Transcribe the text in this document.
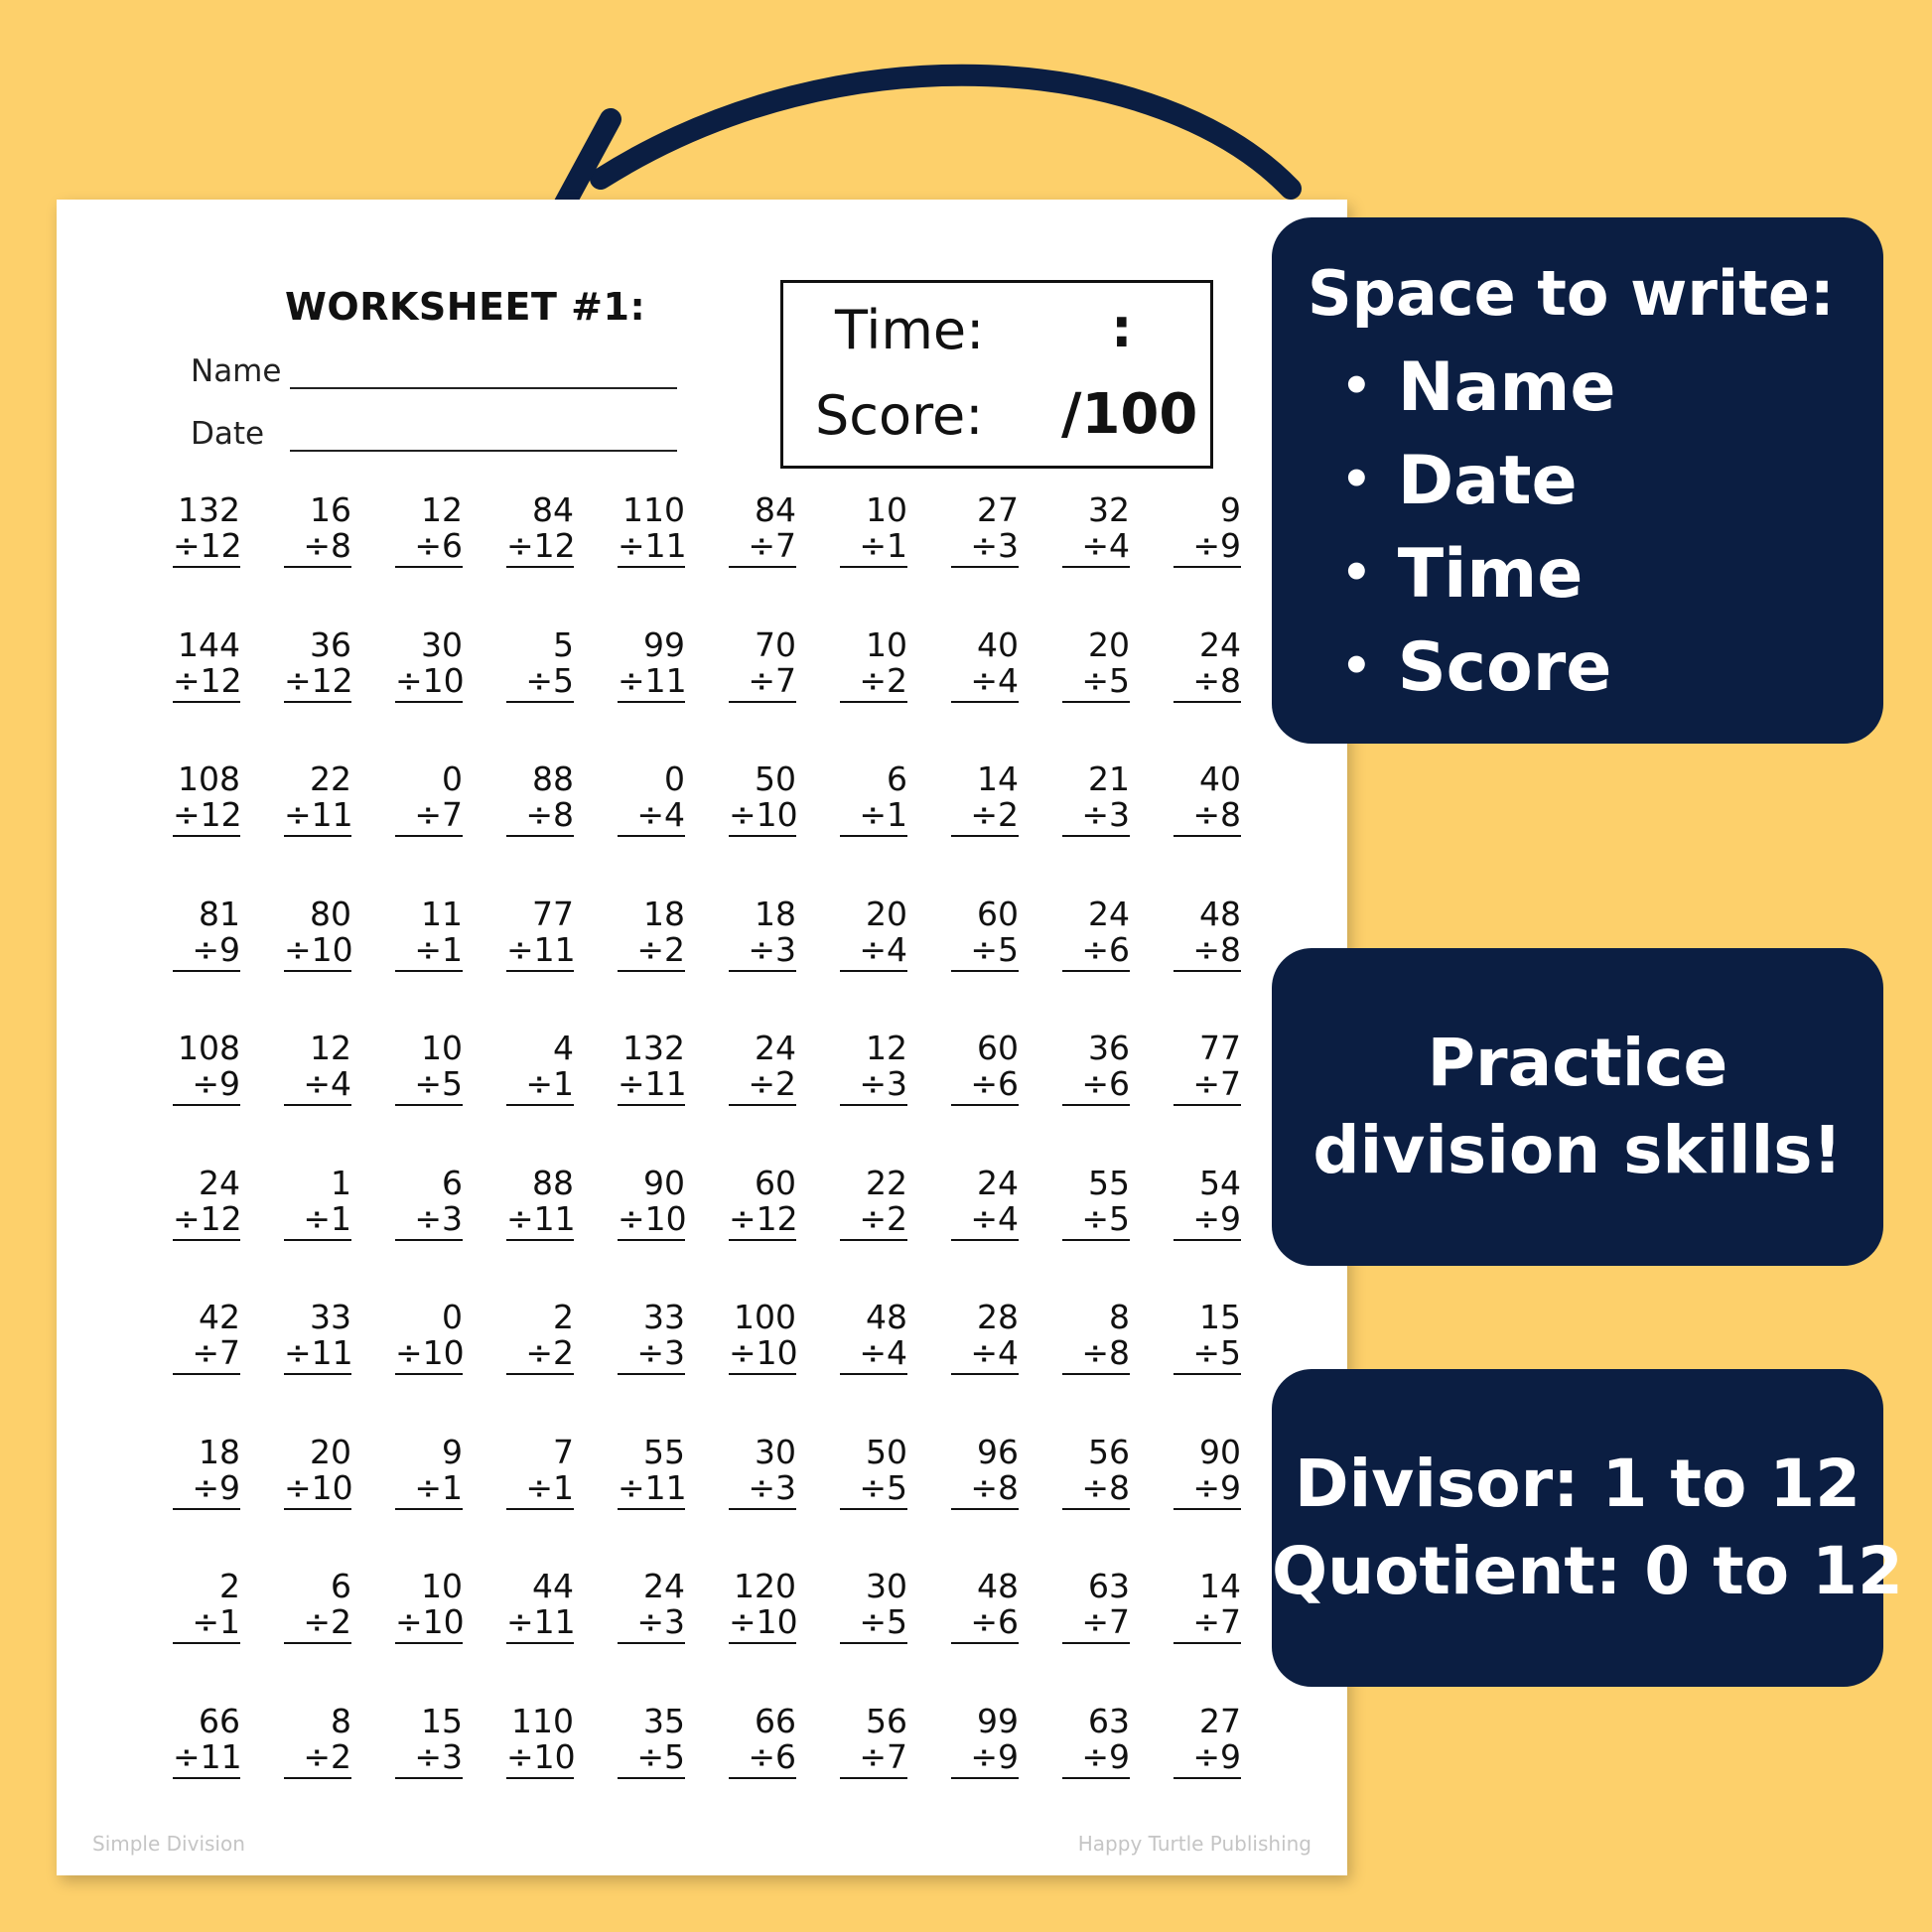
WORKSHEET #1:
Name
Date
Time: :
Score: /100
132
÷12
16
÷8
12
÷6
84
÷12
110
÷11
84
÷7
10
÷1
27
÷3
32
÷4
9
÷9
144
÷12
36
÷12
30
÷10
5
÷5
99
÷11
70
÷7
10
÷2
40
÷4
20
÷5
24
÷8
108
÷12
22
÷11
0
÷7
88
÷8
0
÷4
50
÷10
6
÷1
14
÷2
21
÷3
40
÷8
81
÷9
80
÷10
11
÷1
77
÷11
18
÷2
18
÷3
20
÷4
60
÷5
24
÷6
48
÷8
108
÷9
12
÷4
10
÷5
4
÷1
132
÷11
24
÷2
12
÷3
60
÷6
36
÷6
77
÷7
24
÷12
1
÷1
6
÷3
88
÷11
90
÷10
60
÷12
22
÷2
24
÷4
55
÷5
54
÷9
42
÷7
33
÷11
0
÷10
2
÷2
33
÷3
100
÷10
48
÷4
28
÷4
8
÷8
15
÷5
18
÷9
20
÷10
9
÷1
7
÷1
55
÷11
30
÷3
50
÷5
96
÷8
56
÷8
90
÷9
2
÷1
6
÷2
10
÷10
44
÷11
24
÷3
120
÷10
30
÷5
48
÷6
63
÷7
14
÷7
66
÷11
8
÷2
15
÷3
110
÷10
35
÷5
66
÷6
56
÷7
99
÷9
63
÷9
27
÷9
Simple Division	Happy Turtle Publishing
Space to write:
• Name
• Date
• Time
• Score
Practice
division skills!
Divisor: 1 to 12
Quotient: 0 to 12
